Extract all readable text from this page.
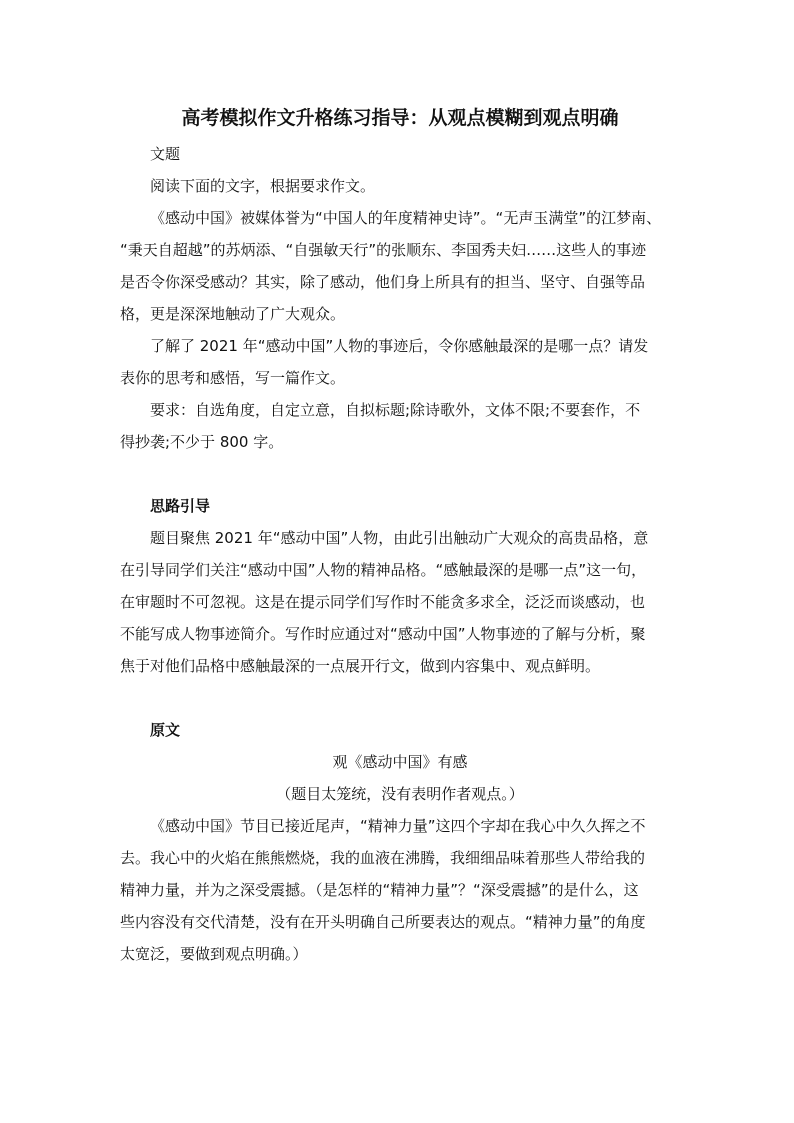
高考模拟作文升格练习指导：从观点模糊到观点明确

文题

阅读下面的文字，根据要求作文。

《感动中国》被媒体誉为“中国人的年度精神史诗”。“无声玉满堂”的江梦南、

“秉天自超越”的苏炳添、“自强敏天行”的张顺东、李国秀夫妇……这些人的事迹

是否令你深受感动？其实，除了感动，他们身上所具有的担当、坚守、自强等品

格，更是深深地触动了广大观众。

了解了 2021 年“感动中国”人物的事迹后，令你感触最深的是哪一点？请发

表你的思考和感悟，写一篇作文。

要求：自选角度，自定立意，自拟标题;除诗歌外，文体不限;不要套作，不

得抄袭;不少于 800 字。

思路引导

题目聚焦 2021 年“感动中国”人物，由此引出触动广大观众的高贵品格，意

在引导同学们关注“感动中国”人物的精神品格。“感触最深的是哪一点”这一句，

在审题时不可忽视。这是在提示同学们写作时不能贪多求全，泛泛而谈感动，也

不能写成人物事迹简介。写作时应通过对“感动中国”人物事迹的了解与分析，聚

焦于对他们品格中感触最深的一点展开行文，做到内容集中、观点鲜明。

原文

观《感动中国》有感

（题目太笼统，没有表明作者观点。）

《感动中国》节目已接近尾声，“精神力量”这四个字却在我心中久久挥之不

去。我心中的火焰在熊熊燃烧，我的血液在沸腾，我细细品味着那些人带给我的

精神力量，并为之深受震撼。（是怎样的“精神力量”？“深受震撼”的是什么，这

些内容没有交代清楚，没有在开头明确自己所要表达的观点。“精神力量”的角度

太宽泛，要做到观点明确。）
